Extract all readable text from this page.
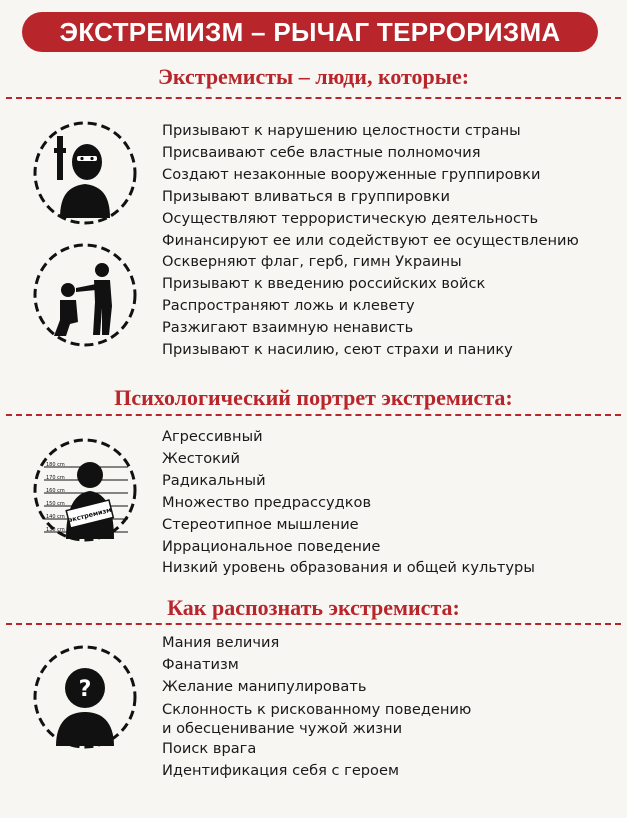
ЭКСТРЕМИЗМ – РЫЧАГ ТЕРРОРИЗМА
Экстремисты – люди, которые:
Призывают к нарушению целостности страны
Присваивают себе властные полномочия
Создают незаконные вооруженные группировки
Призывают вливаться в группировки
Осуществляют террористическую деятельность
Финансируют ее или содействуют ее осуществлению
Оскверняют флаг, герб, гимн Украины
Призывают к введению российских войск
Распространяют ложь и клевету
Разжигают взаимную ненависть
Призывают к насилию, сеют страхи и панику
Психологический портрет экстремиста:
Агрессивный
Жестокий
Радикальный
Множество предрассудков
Стереотипное мышление
Иррациональное поведение
Низкий уровень образования и общей культуры
180 cm
170 cm
160 cm
150 cm
140 cm
130 cm
экстремизм
Как распознать экстремиста:
Мания величия
Фанатизм
Желание манипулировать
Склонность к рискованному поведению
и обесценивание чужой жизни
Поиск врага
Идентификация себя с героем
?
